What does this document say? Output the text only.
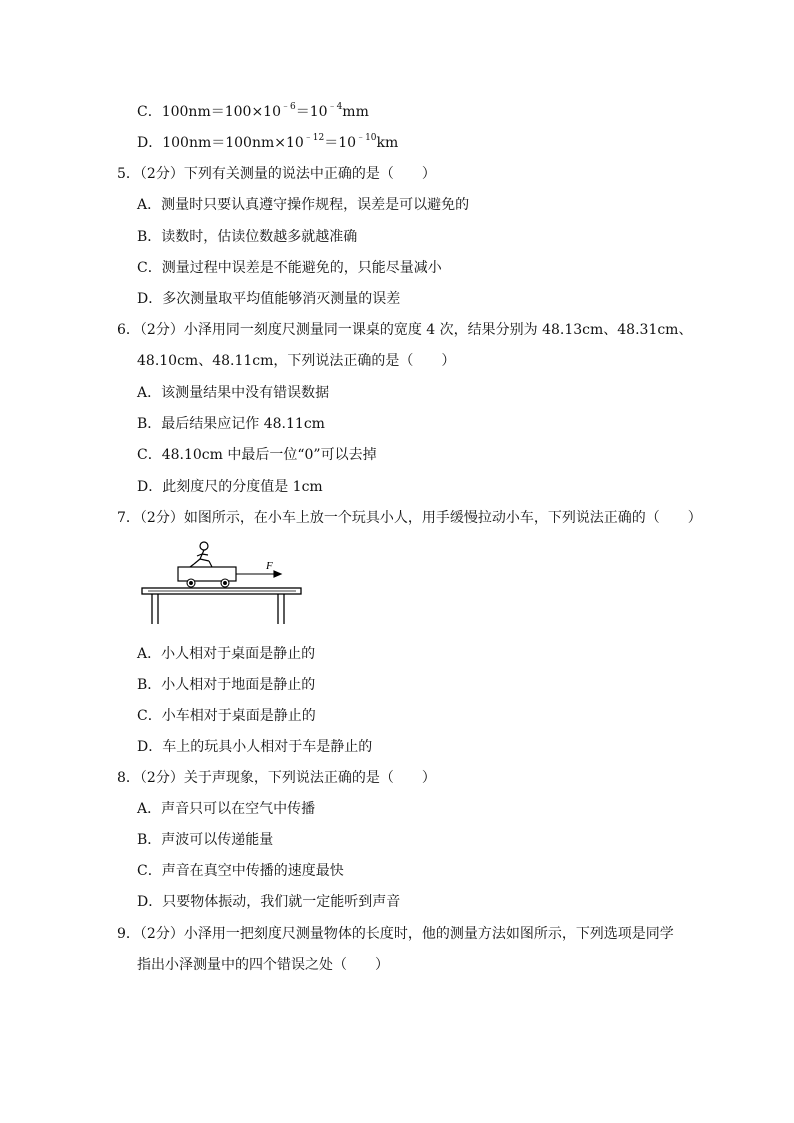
C．$100nm=100\times 10^{﹣6}=10^{﹣4}mm$
D．$100nm=100nm\times 10^{﹣12}=10^{﹣10}km$
5．（2分）下列有关测量的说法中正确的是（　　）
A．测量时只要认真遵守操作规程，误差是可以避免的
B．读数时，估读位数越多就越准确
C．测量过程中误差是不能避免的，只能尽量减小
D．多次测量取平均值能够消灭测量的误差
6．（2分）小泽用同一刻度尺测量同一课桌的宽度 4 次，结果分别为 48.13cm、48.31cm、
48.10cm、48.11cm，下列说法正确的是（　　）
A．该测量结果中没有错误数据
B．最后结果应记作 48.11cm
C．48.10cm 中最后一位“0”可以去掉
D．此刻度尺的分度值是 1cm
7．（2分）如图所示，在小车上放一个玩具小人，用手缓慢拉动小车，下列说法正确的（　　）
F
A．小人相对于桌面是静止的
B．小人相对于地面是静止的
C．小车相对于桌面是静止的
D．车上的玩具小人相对于车是静止的
8．（2分）关于声现象，下列说法正确的是（　　）
A．声音只可以在空气中传播
B．声波可以传递能量
C．声音在真空中传播的速度最快
D．只要物体振动，我们就一定能听到声音
9．（2分）小泽用一把刻度尺测量物体的长度时，他的测量方法如图所示，下列选项是同学
指出小泽测量中的四个错误之处（　　）
